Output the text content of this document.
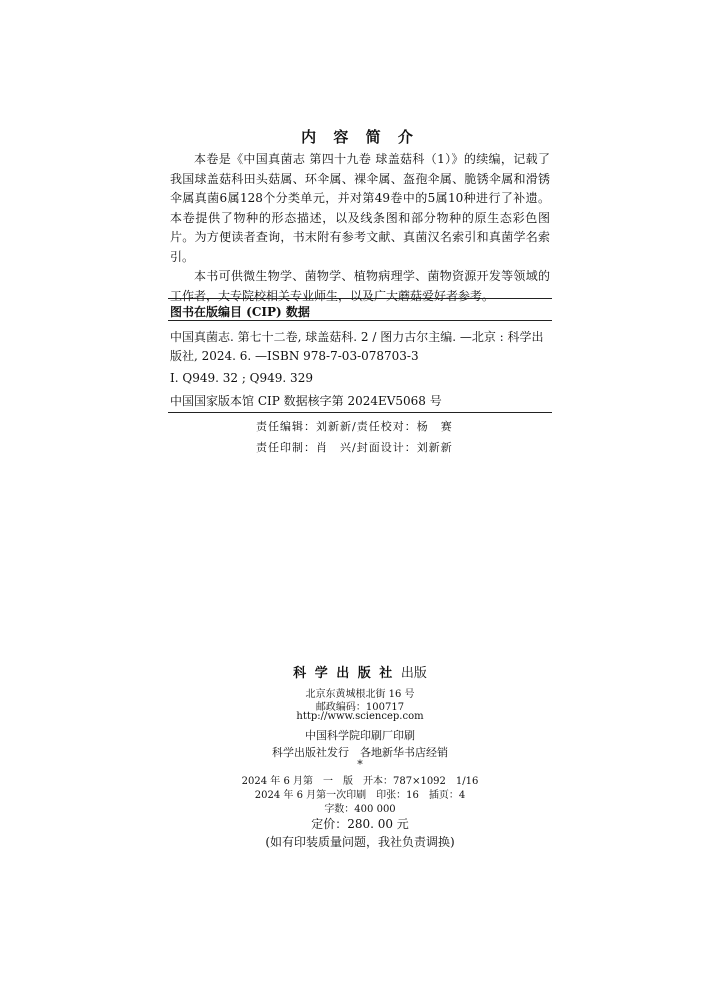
内 容 简 介

本卷是《中国真菌志 第四十九卷 球盖菇科（1）》的续编，记载了我国球盖菇科田头菇属、环伞属、裸伞属、盔孢伞属、脆锈伞属和滑锈伞属真菌6属128个分类单元，并对第49卷中的5属10种进行了补遗。本卷提供了物种的形态描述，以及线条图和部分物种的原生态彩色图片。为方便读者查询，书末附有参考文献、真菌汉名索引和真菌学名索引。

本书可供微生物学、菌物学、植物病理学、菌物资源开发等领域的工作者，大专院校相关专业师生，以及广大蘑菇爱好者参考。

图书在版编目 (CIP) 数据
中国真菌志. 第七十二卷, 球盖菇科. 2 / 图力古尔主编. —北京 : 科学出版社, 2024. 6. —ISBN 978-7-03-078703-3
Ⅰ. Q949. 32 ; Q949. 329
中国国家版本馆 CIP 数据核字第 2024EV5068 号
责任编辑：刘新新/责任校对：杨　赛
责任印制：肖　兴/封面设计：刘新新
科 学 出 版 社 出版
北京东黄城根北街 16 号
邮政编码：100717
http://www.sciencep.com
中国科学院印刷厂印刷
科学出版社发行　各地新华书店经销
*
2024 年 6 月第　一　版　开本：787×1092　1/16
2024 年 6 月第一次印刷　印张：16　插页：4
字数：400 000
定价：280. 00 元
(如有印装质量问题，我社负责调换)
